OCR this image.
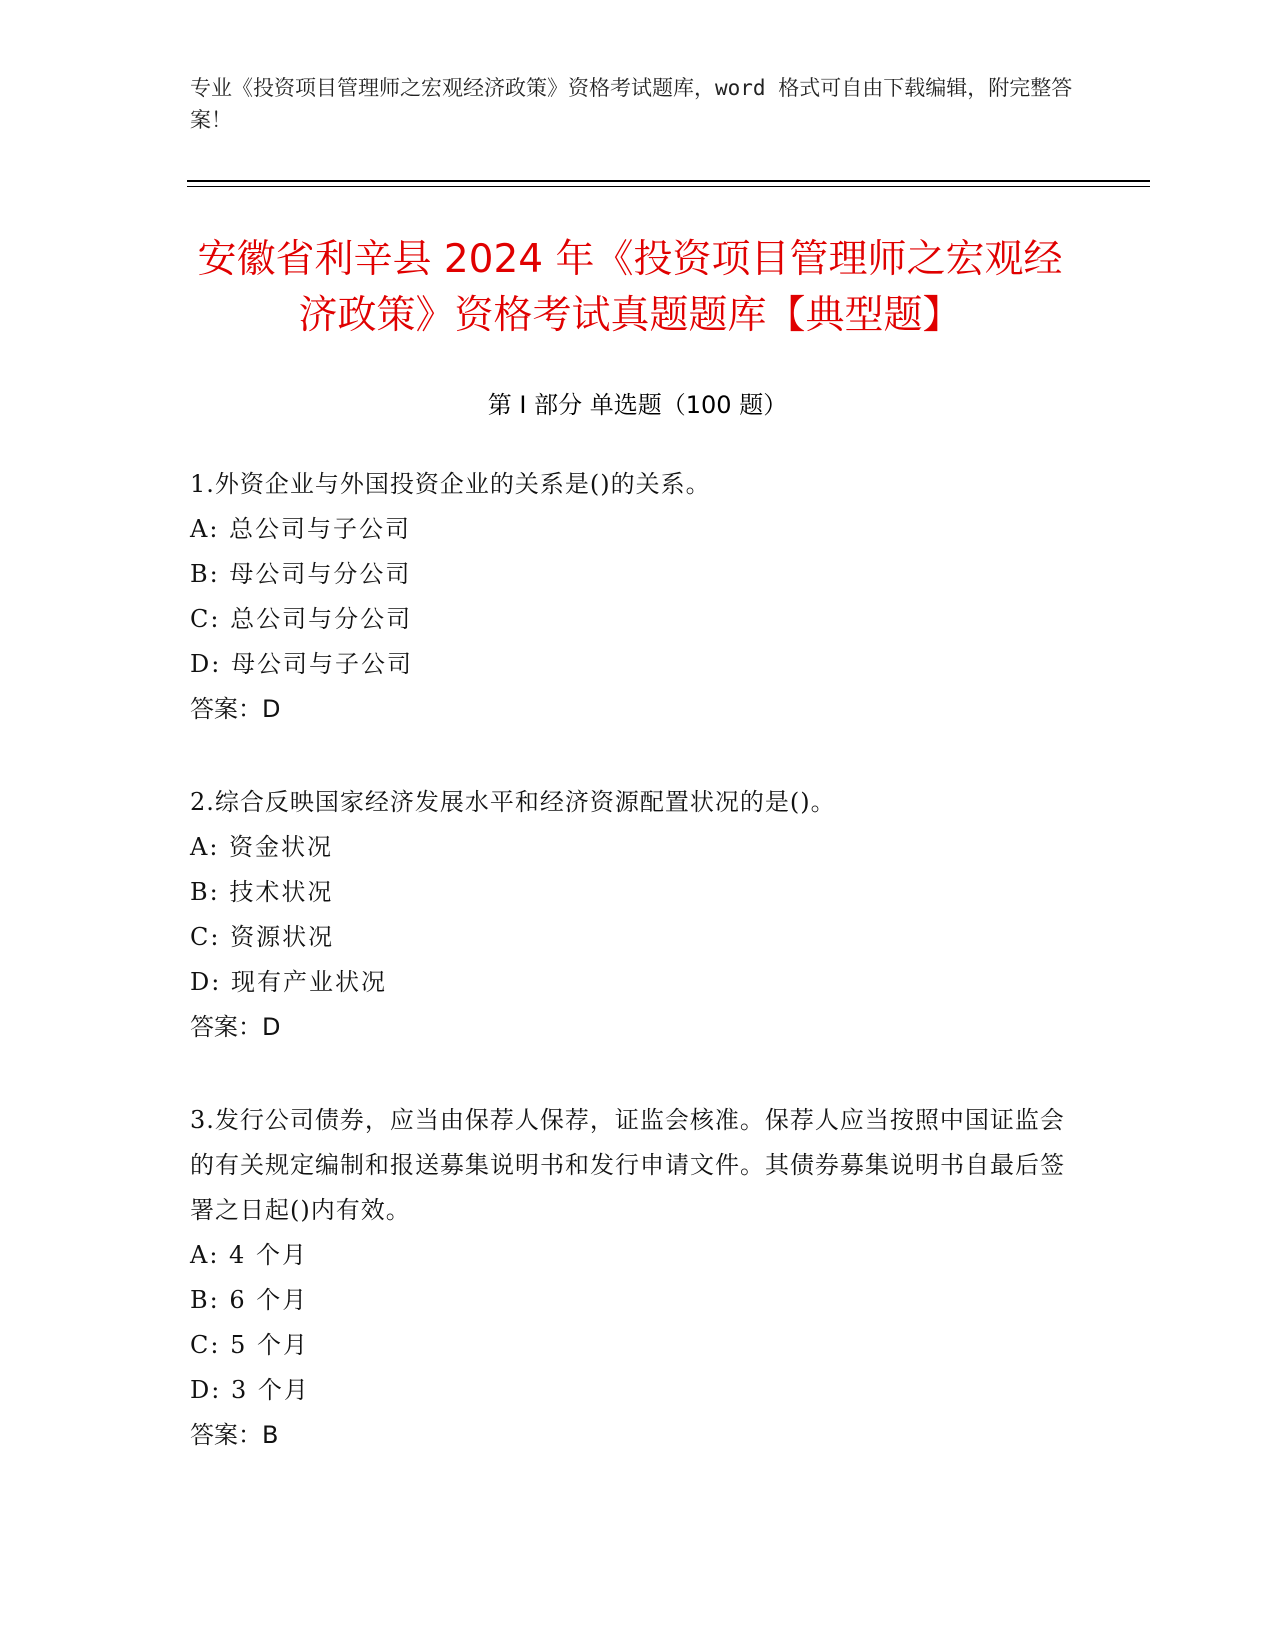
专业《投资项目管理师之宏观经济政策》资格考试题库，word 格式可自由下载编辑，附完整答案！
安徽省利辛县 2024 年《投资项目管理师之宏观经济政策》资格考试真题题库【典型题】
第 I 部分 单选题（100 题）
1.外资企业与外国投资企业的关系是()的关系。
A: 总公司与子公司
B: 母公司与分公司
C: 总公司与分公司
D: 母公司与子公司
答案：D
2.综合反映国家经济发展水平和经济资源配置状况的是()。
A: 资金状况
B: 技术状况
C: 资源状况
D: 现有产业状况
答案：D
3.发行公司债券，应当由保荐人保荐，证监会核准。保荐人应当按照中国证监会的有关规定编制和报送募集说明书和发行申请文件。其债券募集说明书自最后签署之日起()内有效。
A: 4 个月
B: 6 个月
C: 5 个月
D: 3 个月
答案：B
